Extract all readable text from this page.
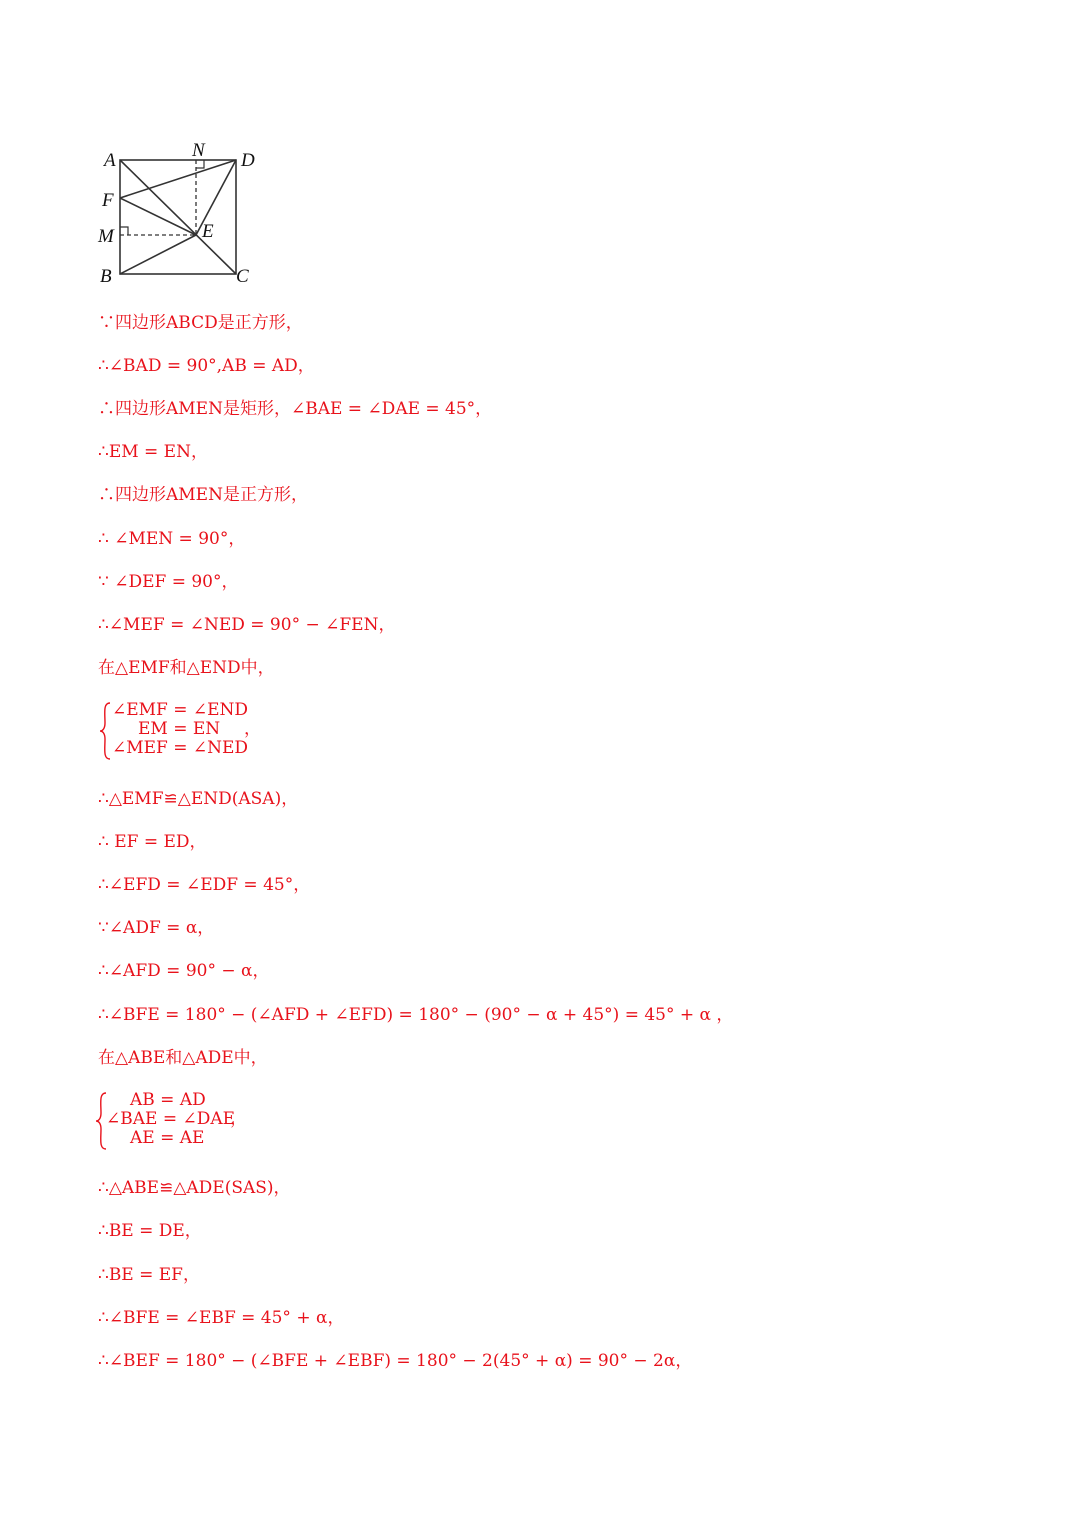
A	N D
F
M	E
B	C
∵四边形ABCD是正方形，
∴∠BAD = 90°,AB = AD，
∴四边形AMEN是矩形，∠BAE = ∠DAE = 45°，
∴EM = EN，
∴四边形AMEN是正方形，
∴ ∠MEN = 90°，
∵ ∠DEF = 90°，
∴∠MEF = ∠NED = 90° − ∠FEN，
在△EMF和△END中，
∠EMF = ∠END
EM = EN
∠MEF = ∠NED
，
∴△EMF≌△END(ASA)，
∴ EF = ED，
∴∠EFD = ∠EDF = 45°，
∵∠ADF = α，
∴∠AFD = 90° − α，
∴∠BFE = 180° − (∠AFD + ∠EFD) = 180° − (90° − α + 45°) = 45° + α ，
在△ABE和△ADE中，
AB = AD
∠BAE = ∠DAE
AE = AE
，
∴△ABE≌△ADE(SAS)，
∴BE = DE，
∴BE = EF，
∴∠BFE = ∠EBF = 45° + α，
∴∠BEF = 180° − (∠BFE + ∠EBF) = 180° − 2(45° + α) = 90° − 2α，
